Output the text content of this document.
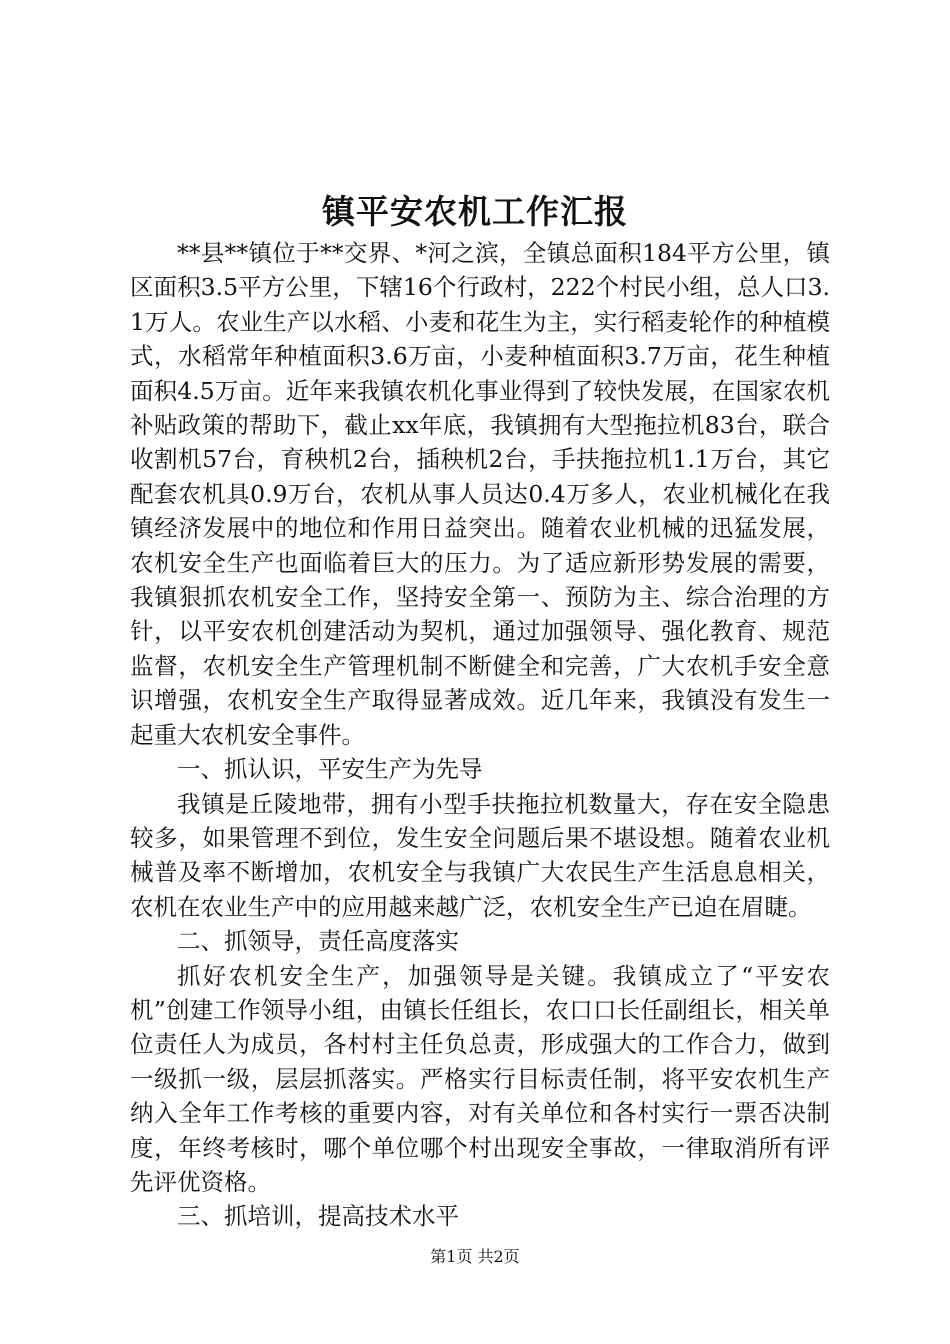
镇平安农机工作汇报

**县**镇位于**交界、*河之滨，全镇总面积184平方公里，镇区面积3.5平方公里，下辖16个行政村，222个村民小组，总人口3.1万人。农业生产以水稻、小麦和花生为主，实行稻麦轮作的种植模式，水稻常年种植面积3.6万亩，小麦种植面积3.7万亩，花生种植面积4.5万亩。近年来我镇农机化事业得到了较快发展，在国家农机补贴政策的帮助下，截止xx年底，我镇拥有大型拖拉机83台，联合收割机57台，育秧机2台，插秧机2台，手扶拖拉机1.1万台，其它配套农机具0.9万台，农机从事人员达0.4万多人，农业机械化在我镇经济发展中的地位和作用日益突出。随着农业机械的迅猛发展，农机安全生产也面临着巨大的压力。为了适应新形势发展的需要，我镇狠抓农机安全工作，坚持安全第一、预防为主、综合治理的方针，以平安农机创建活动为契机，通过加强领导、强化教育、规范监督，农机安全生产管理机制不断健全和完善，广大农机手安全意识增强，农机安全生产取得显著成效。近几年来，我镇没有发生一起重大农机安全事件。

一、抓认识，平安生产为先导

我镇是丘陵地带，拥有小型手扶拖拉机数量大，存在安全隐患较多，如果管理不到位，发生安全问题后果不堪设想。随着农业机械普及率不断增加，农机安全与我镇广大农民生产生活息息相关，农机在农业生产中的应用越来越广泛，农机安全生产已迫在眉睫。

二、抓领导，责任高度落实

抓好农机安全生产，加强领导是关键。我镇成立了“平安农机”创建工作领导小组，由镇长任组长，农口口长任副组长，相关单位责任人为成员，各村村主任负总责，形成强大的工作合力，做到一级抓一级，层层抓落实。严格实行目标责任制，将平安农机生产纳入全年工作考核的重要内容，对有关单位和各村实行一票否决制度，年终考核时，哪个单位哪个村出现安全事故，一律取消所有评先评优资格。

三、抓培训，提高技术水平

第1页 共2页
